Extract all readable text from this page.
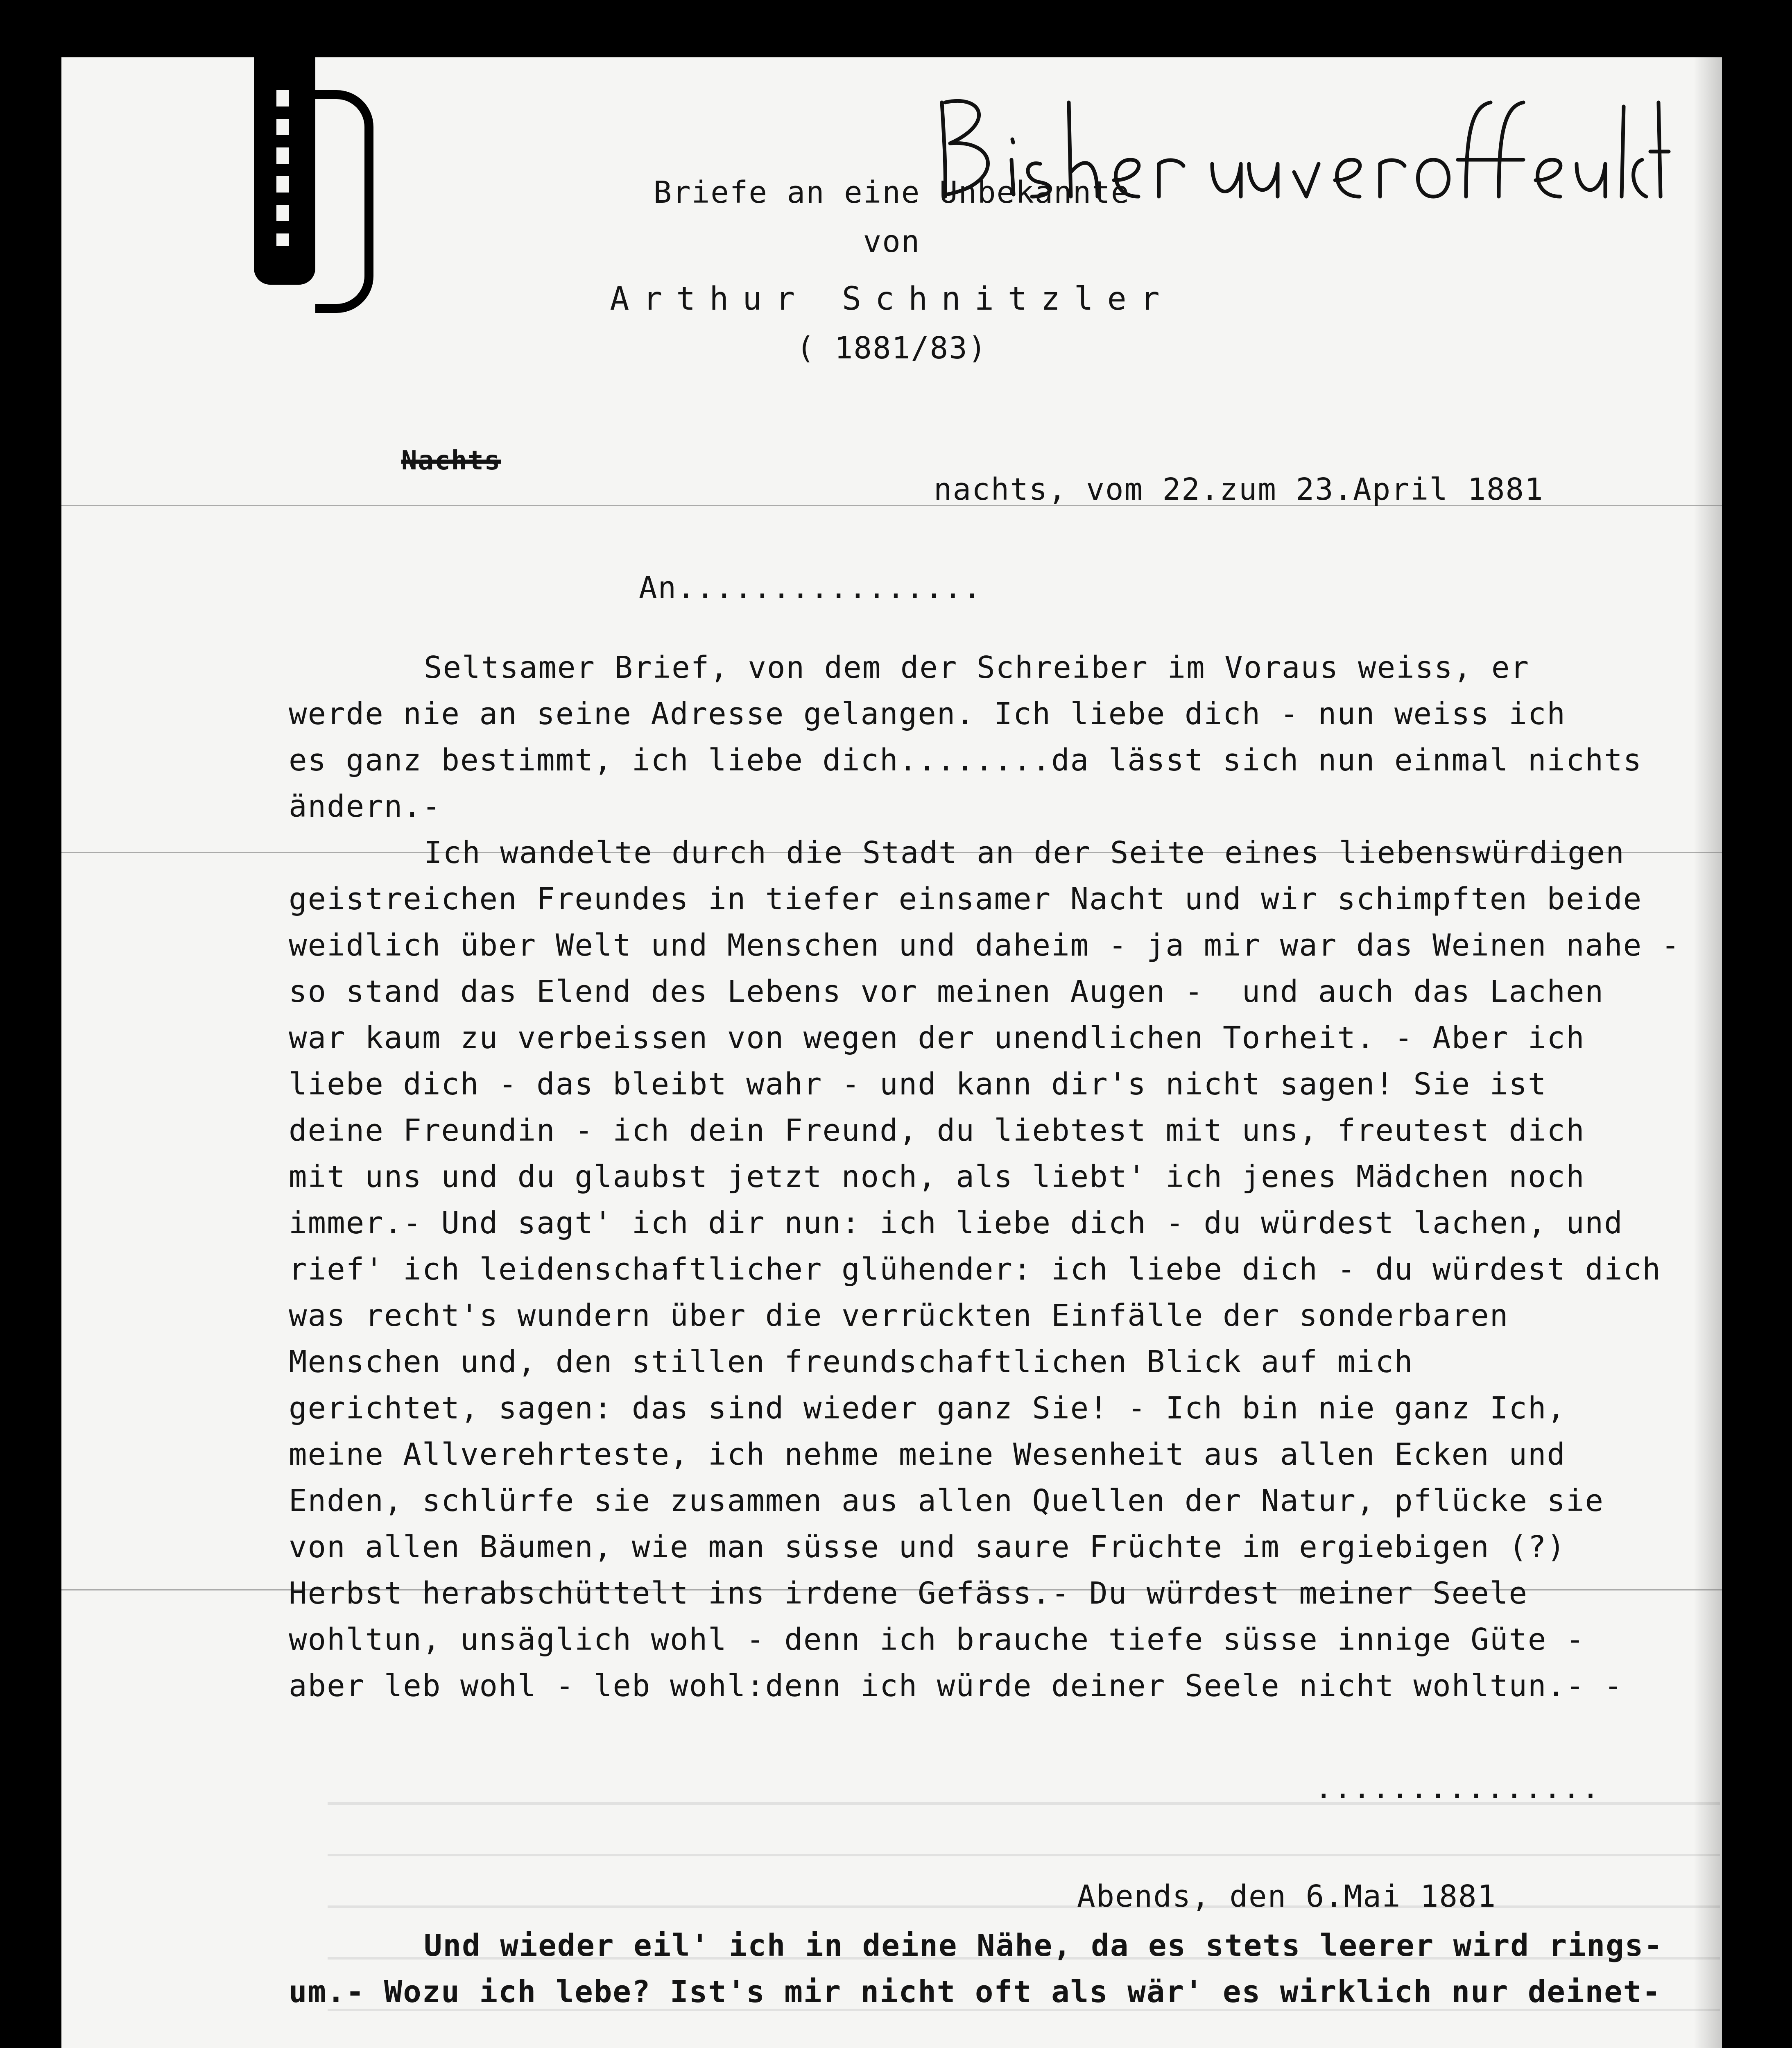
Briefe an eine Unbekannte
von
Arthur Schnitzler
( 1881/83)
Nachts
nachts, vom 22.zum 23.April 1881
An................
Seltsamer Brief, von dem der Schreiber im Voraus weiss, er
werde nie an seine Adresse gelangen. Ich liebe dich - nun weiss ich
es ganz bestimmt, ich liebe dich........da lässt sich nun einmal nichts
ändern.-
Ich wandelte durch die Stadt an der Seite eines liebenswürdigen
geistreichen Freundes in tiefer einsamer Nacht und wir schimpften beide
weidlich über Welt und Menschen und daheim - ja mir war das Weinen nahe -
so stand das Elend des Lebens vor meinen Augen -  und auch das Lachen
war kaum zu verbeissen von wegen der unendlichen Torheit. - Aber ich
liebe dich - das bleibt wahr - und kann dir's nicht sagen! Sie ist
deine Freundin - ich dein Freund, du liebtest mit uns, freutest dich
mit uns und du glaubst jetzt noch, als liebt' ich jenes Mädchen noch
immer.- Und sagt' ich dir nun: ich liebe dich - du würdest lachen, und
rief' ich leidenschaftlicher glühender: ich liebe dich - du würdest dich
was recht's wundern über die verrückten Einfälle der sonderbaren
Menschen und, den stillen freundschaftlichen Blick auf mich
gerichtet, sagen: das sind wieder ganz Sie! - Ich bin nie ganz Ich,
meine Allverehrteste, ich nehme meine Wesenheit aus allen Ecken und
Enden, schlürfe sie zusammen aus allen Quellen der Natur, pflücke sie
von allen Bäumen, wie man süsse und saure Früchte im ergiebigen (?)
Herbst herabschüttelt ins irdene Gefäss.- Du würdest meiner Seele
wohltun, unsäglich wohl - denn ich brauche tiefe süsse innige Güte -
aber leb wohl - leb wohl:denn ich würde deiner Seele nicht wohltun.- -
...............
Abends, den 6.Mai 1881
Und wieder eil' ich in deine Nähe, da es stets leerer wird rings-
um.- Wozu ich lebe? Ist's mir nicht oft als wär' es wirklich nur deinet-
